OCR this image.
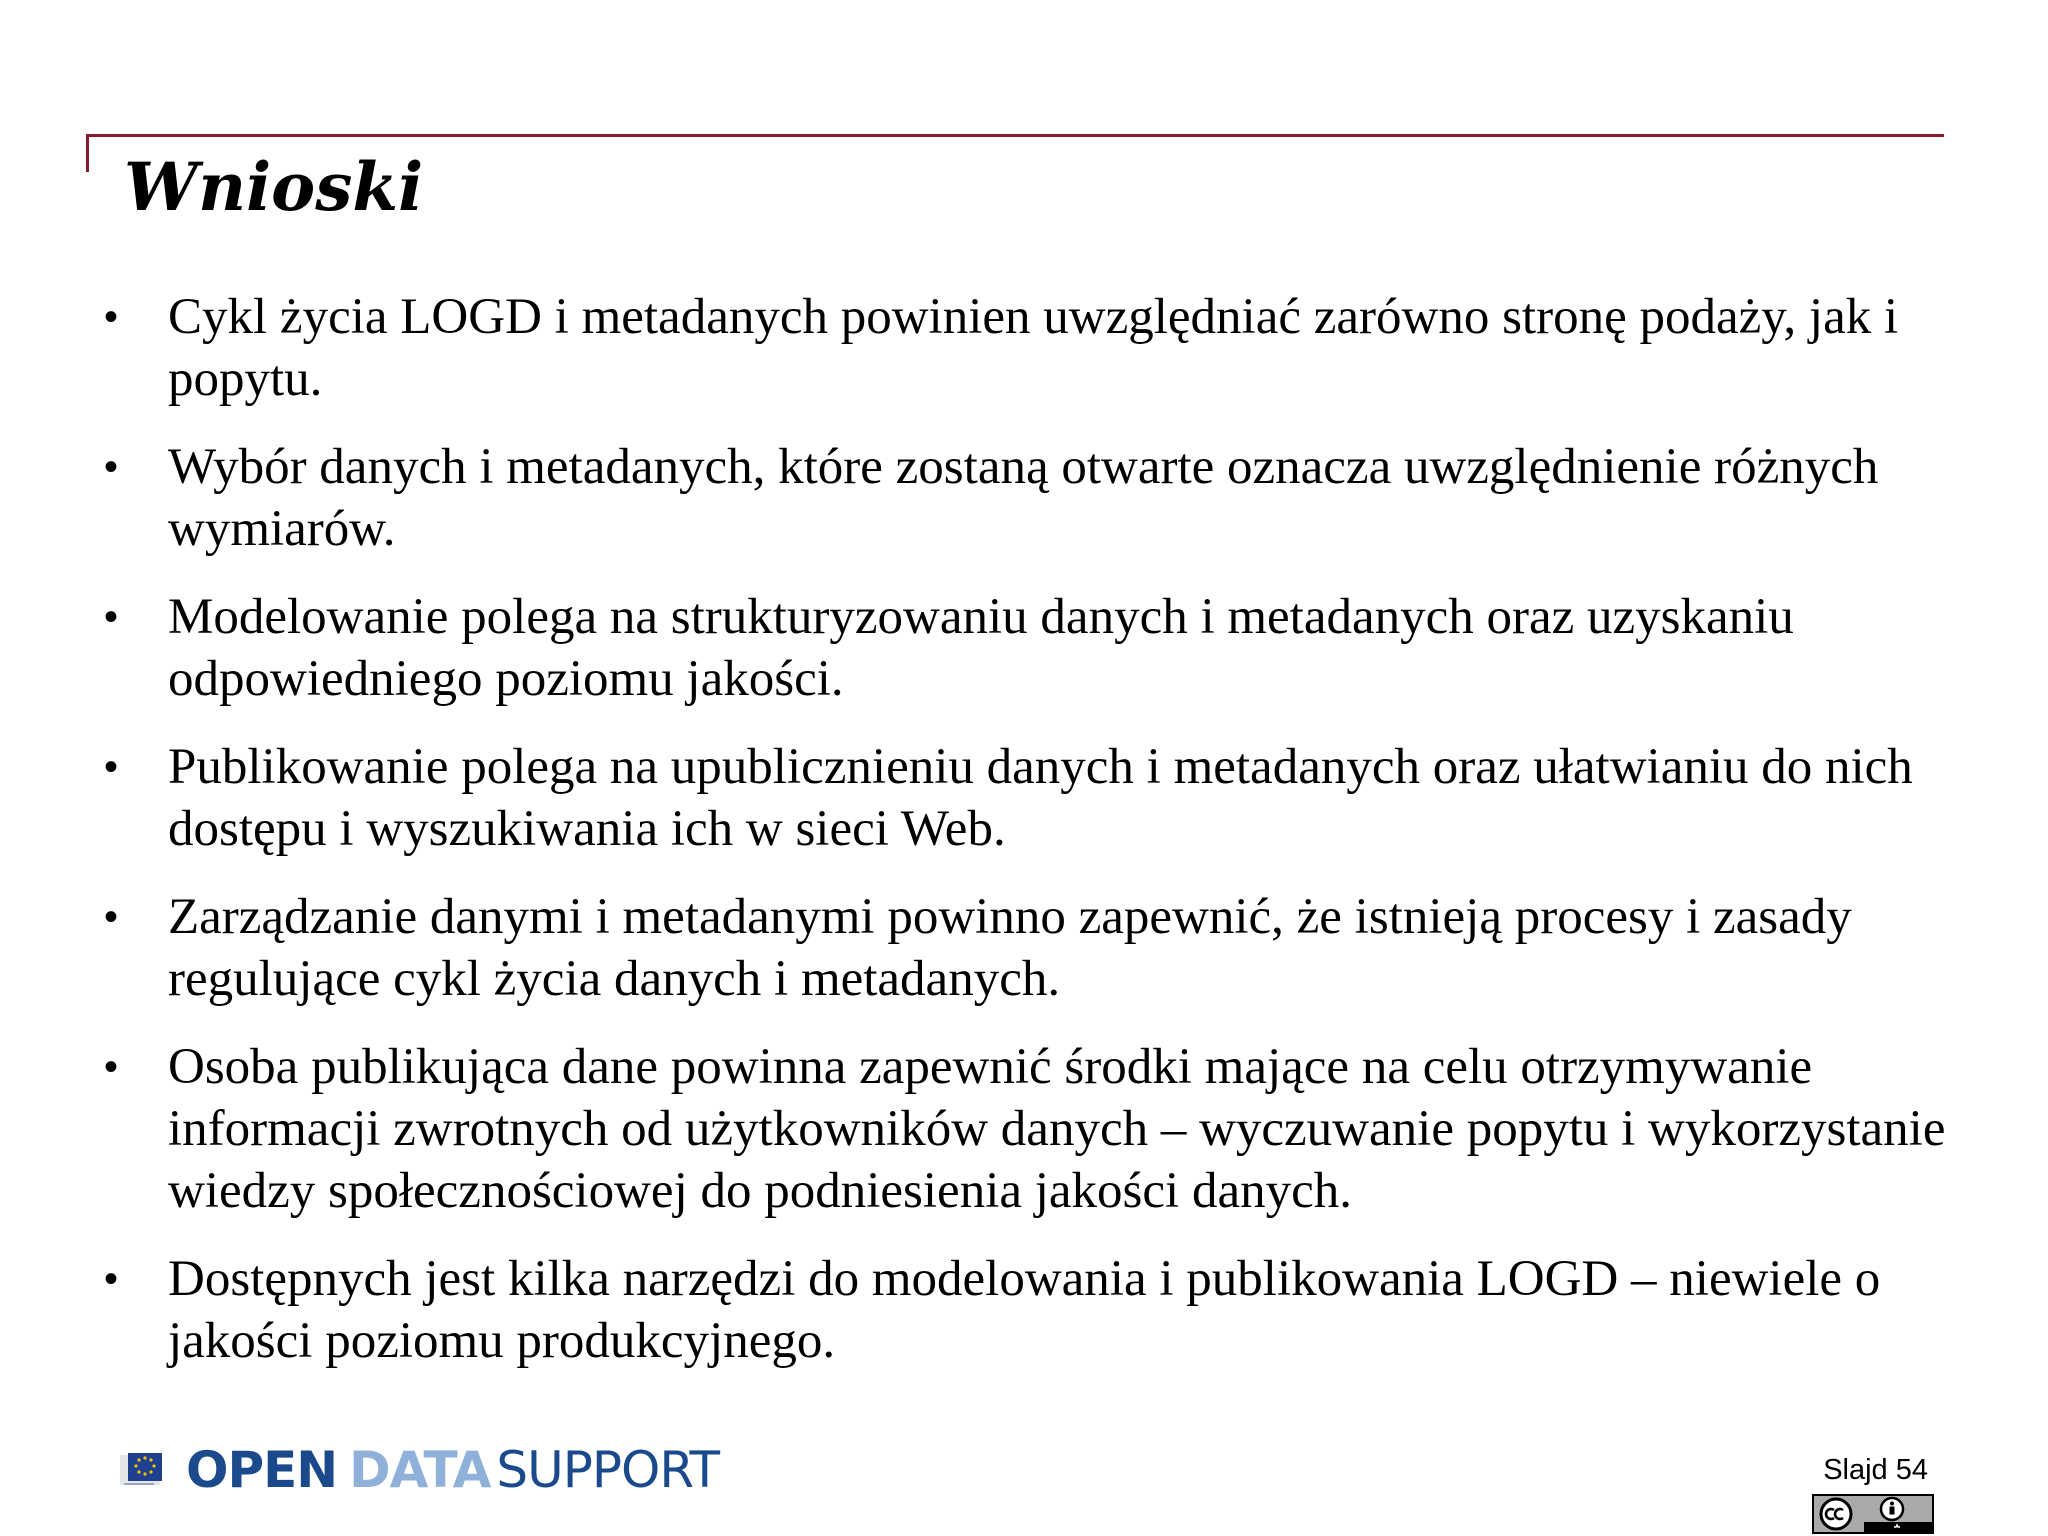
Wnioski
• Cykl życia LOGD i metadanych powinien uwzględniać zarówno stronę podaży, jak i popytu.
• Wybór danych i metadanych, które zostaną otwarte oznacza uwzględnienie różnych wymiarów.
• Modelowanie polega na strukturyzowaniu danych i metadanych oraz uzyskaniu odpowiedniego poziomu jakości.
• Publikowanie polega na upublicznieniu danych i metadanych oraz ułatwianiu do nich dostępu i wyszukiwania ich w sieci Web.
• Zarządzanie danymi i metadanymi powinno zapewnić, że istnieją procesy i zasady regulujące cykl życia danych i metadanych.
• Osoba publikująca dane powinna zapewnić środki mające na celu otrzymywanie informacji zwrotnych od użytkowników danych – wyczuwanie popytu i wykorzystanie wiedzy społecznościowej do podniesienia jakości danych.
• Dostępnych jest kilka narzędzi do modelowania i publikowania LOGD – niewiele o jakości poziomu produkcyjnego.
OPEN DATA SUPPORT	Slajd 54
